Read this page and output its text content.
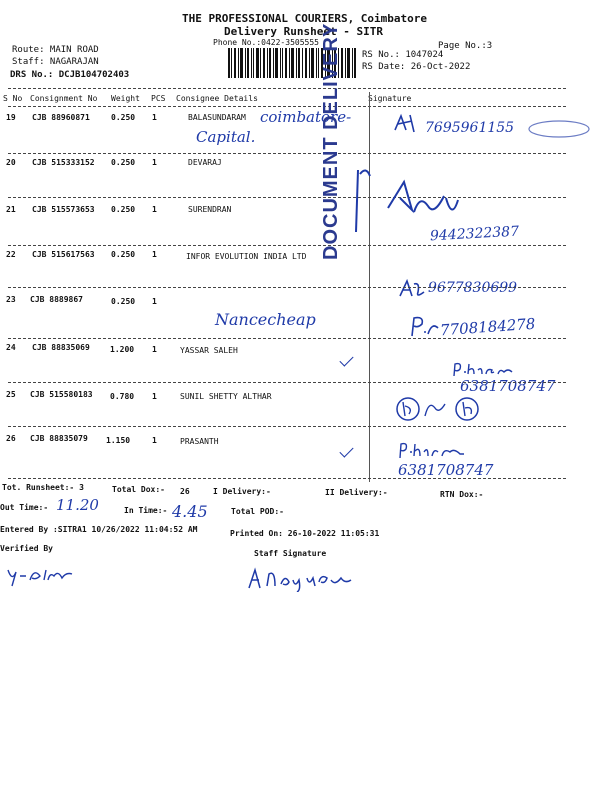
THE PROFESSIONAL COURIERS, Coimbatore
Delivery Runsheet - SITR
Phone No.:0422-3505555	Page No.:3
Route: MAIN ROAD
Staff: NAGARAJAN
DRS No.: DCJB104702403
RS No.: 1047024
RS Date: 26-Oct-2022
S No Consignment No Weight PCS Consignee Details	Signature
19 CJB 88960871	0.250 1	BALASUNDARAM coimbatore-
Capital.	7695961155
20 CJB 515333152 0.250 1	DEVARAJ
21 CJB 515573653 0.250 1	SURENDRAN
9442322387
22 CJB 515617563 0.250 1	INFOR EVOLUTION INDIA LTD
9677830699
23 CJB 8889867	0.250 1
Nancecheap	7708184278
24 CJB 88835069	1.200 1	YASSAR SALEH
6381708747
25 CJB 515580183 0.780 1	SUNIL SHETTY ALTHAR
26 CJB 88835079 1.150	1	PRASANTH
6381708747
DOCUMENT DELIVERY
Tot. Runsheet:- 3	Total Dox:- 26	I Delivery:-	II Delivery:-	RTN Dox:-
Out Time:- 11.20	In Time:- 4.45	Total POD:-
Entered By :SITRA1 10/26/2022 11:04:52 AM	Printed On: 26-10-2022 11:05:31
Verified By
Staff Signature
